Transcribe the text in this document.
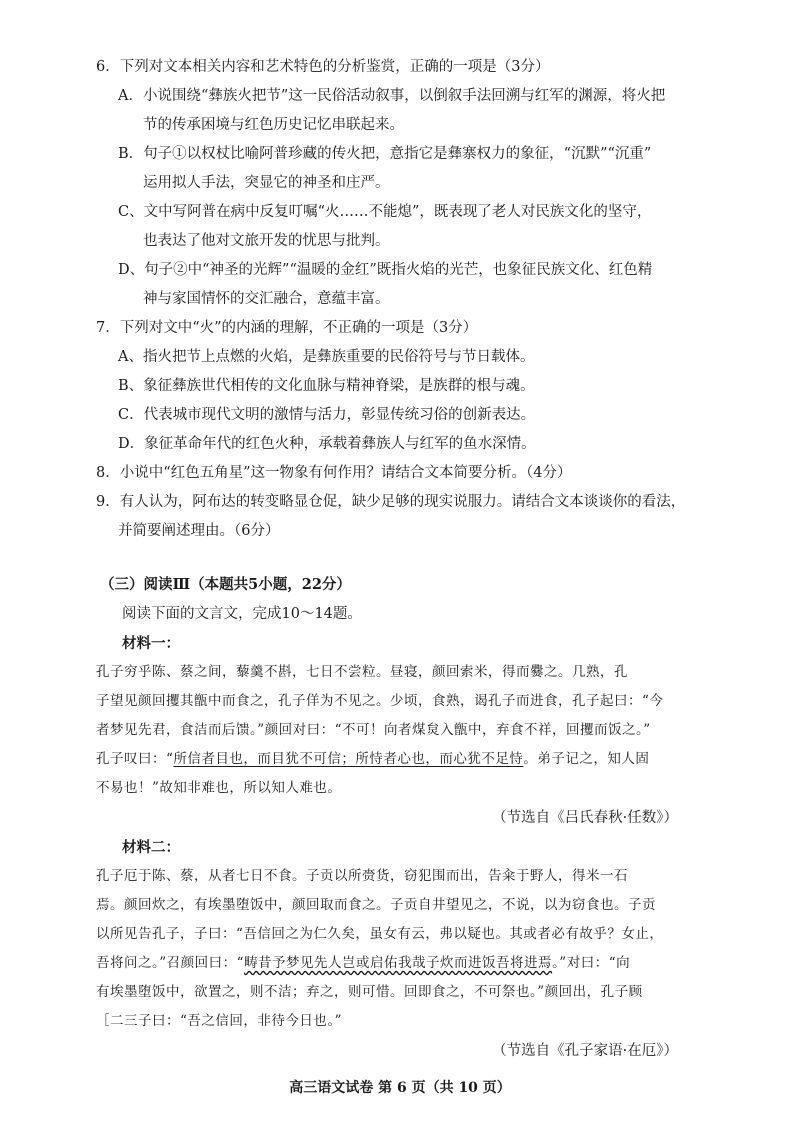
6．下列对文本相关内容和艺术特色的分析鉴赏，正确的一项是（3分）
A．小说围绕“彝族火把节”这一民俗活动叙事，以倒叙手法回溯与红军的渊源，将火把
节的传承困境与红色历史记忆串联起来。
B．句子①以权杖比喻阿普珍藏的传火把，意指它是彝寨权力的象征，“沉默”“沉重”
运用拟人手法，突显它的神圣和庄严。
C、文中写阿普在病中反复叮嘱“火……不能熄”，既表现了老人对民族文化的坚守，
也表达了他对文旅开发的忧思与批判。
D、句子②中“神圣的光辉”“温暖的金红”既指火焰的光芒，也象征民族文化、红色精
神与家国情怀的交汇融合，意蕴丰富。
7．下列对文中“火”的内涵的理解，不正确的一项是（3分）
A、指火把节上点燃的火焰，是彝族重要的民俗符号与节日载体。
B、象征彝族世代相传的文化血脉与精神脊梁，是族群的根与魂。
C．代表城市现代文明的激情与活力，彰显传统习俗的创新表达。
D．象征革命年代的红色火种，承载着彝族人与红军的鱼水深情。
8．小说中“红色五角星”这一物象有何作用？请结合文本简要分析。（4分）
9．有人认为，阿布达的转变略显仓促，缺少足够的现实说服力。请结合文本谈谈你的看法，
并简要阐述理由。（6分）
（三）阅读Ⅲ（本题共5小题，22分）
阅读下面的文言文，完成10～14题。
材料一：
孔子穷乎陈、蔡之间，藜羹不斟，七日不尝粒。昼寝，颜回索米，得而爨之。几熟，孔
子望见颜回攫其甑中而食之，孔子佯为不见之。少顷，食熟，谒孔子而进食，孔子起曰：“今
者梦见先君，食洁而后馈。”颜回对曰：“不可！向者煤炱入甑中，弃食不祥，回攫而饭之。”
孔子叹曰：“所信者目也，而目犹不可信；所恃者心也，而心犹不足恃。弟子记之，知人固
不易也！”故知非难也，所以知人难也。
（节选自《吕氏春秋·任数》）
材料二：
孔子厄于陈、蔡，从者七日不食。子贡以所赍货，窃犯围而出，告籴于野人，得米一石
焉。颜回炊之，有埃墨堕饭中，颜回取而食之。子贡自井望见之，不说，以为窃食也。子贡
以所见告孔子，子曰：“吾信回之为仁久矣，虽女有云，弗以疑也。其或者必有故乎？女止，
吾将问之。”召颜回曰：“畴昔予梦见先人岂或启佑我哉子炊而进饭吾将进焉。”对曰：“向
有埃墨堕饭中，欲置之，则不洁；弃之，则可惜。回即食之，不可祭也。”颜回出，孔子顾
［二三子曰：“吾之信回，非待今日也。”
（节选自《孔子家语·在厄》）
高三语文试卷 第 6 页（共 10 页）
